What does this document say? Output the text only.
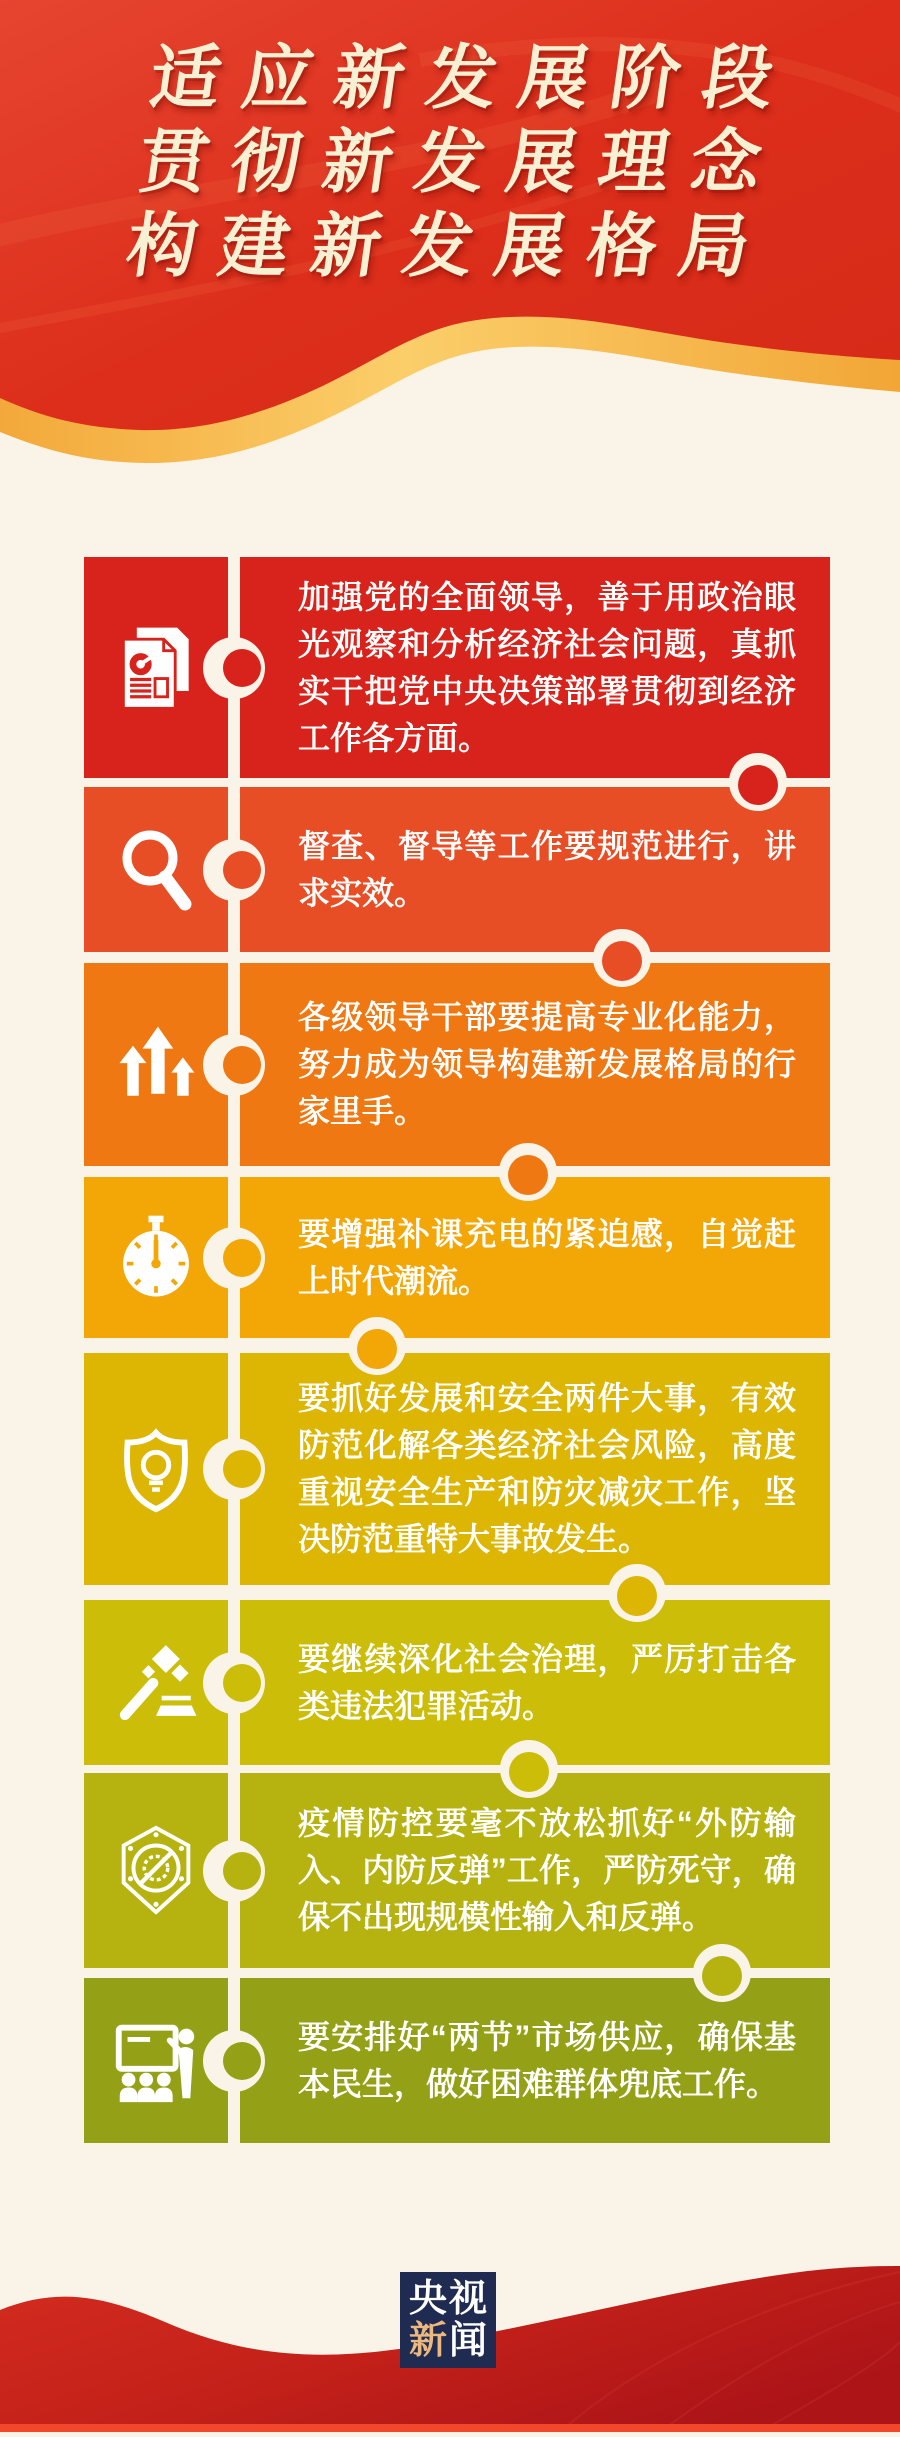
适应新发展阶段
贯彻新发展理念
构建新发展格局
加强党的全面领导，善于用政治眼光观察和分析经济社会问题，真抓实干把党中央决策部署贯彻到经济工作各方面。
督查、督导等工作要规范进行，讲求实效。
各级领导干部要提高专业化能力，努力成为领导构建新发展格局的行家里手。
要增强补课充电的紧迫感，自觉赶上时代潮流。
要抓好发展和安全两件大事，有效防范化解各类经济社会风险，高度重视安全生产和防灾减灾工作，坚决防范重特大事故发生。
要继续深化社会治理，严厉打击各类违法犯罪活动。
疫情防控要毫不放松抓好“外防输入、内防反弹”工作，严防死守，确保不出现规模性输入和反弹。
要安排好“两节”市场供应，确保基本民生，做好困难群体兜底工作。
央 视
新 闻
